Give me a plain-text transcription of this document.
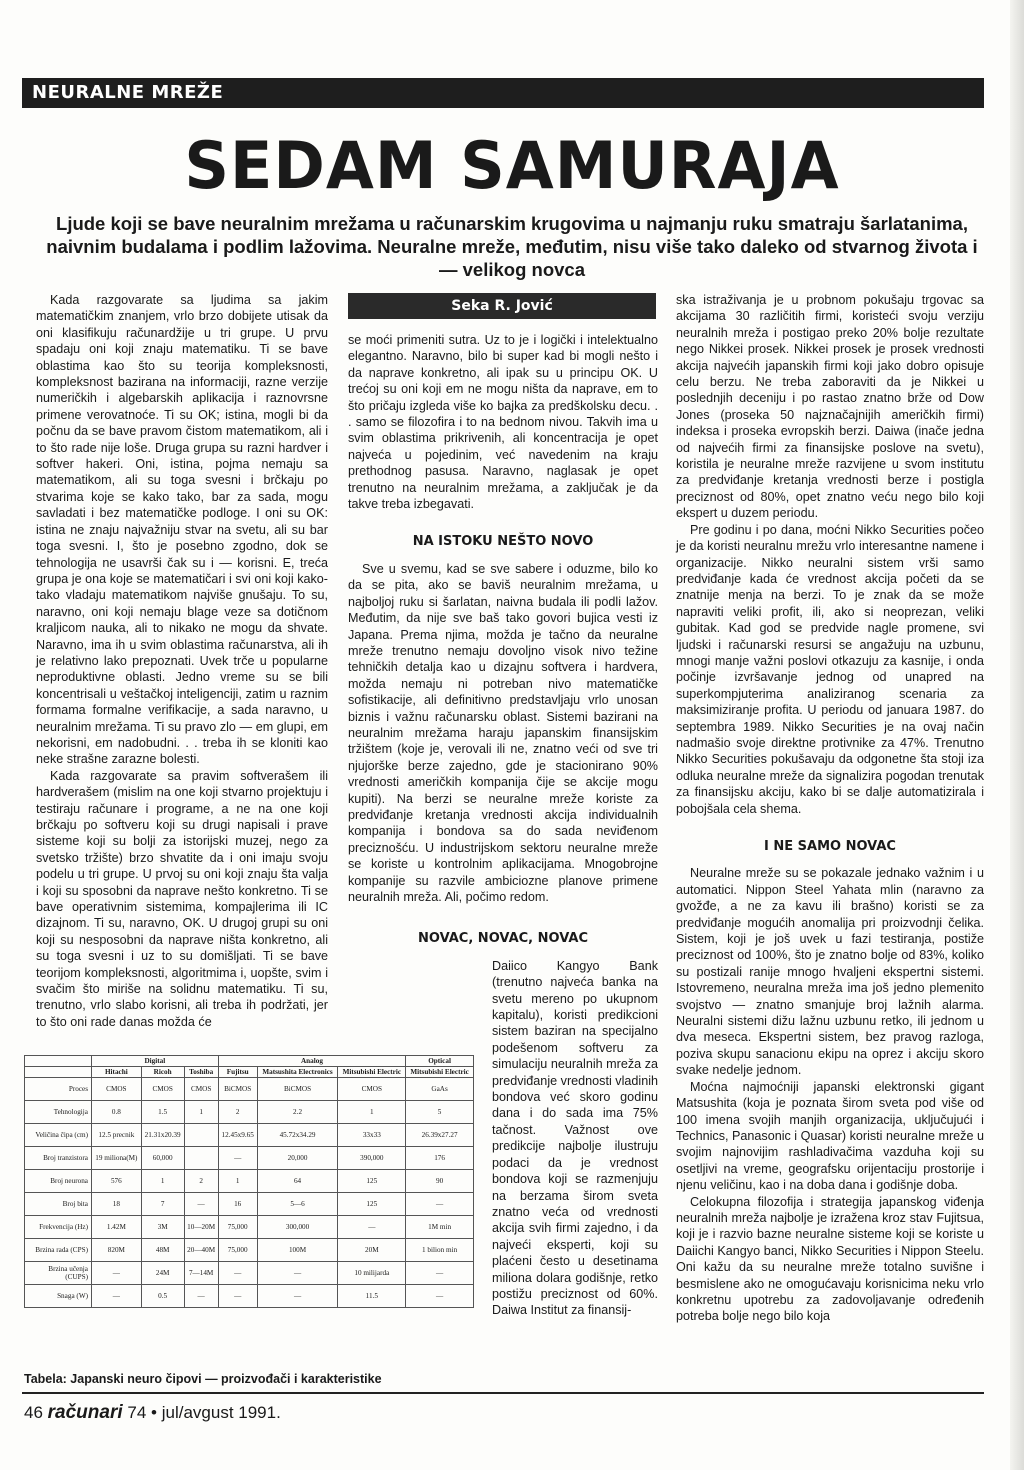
NEURALNE MREŽE
SEDAM SAMURAJA
Ljude koji se bave neuralnim mrežama u računarskim krugovima u najmanju ruku smatraju šarlatanima, naivnim budalama i podlim lažovima. Neuralne mreže, međutim, nisu više tako daleko od stvarnog života i — velikog novca

Kada razgovarate sa ljudima sa jakim matematičkim znanjem, vrlo brzo dobijete utisak da oni klasifikuju računardžije u tri grupe. U prvu spadaju oni koji znaju matematiku. Ti se bave oblastima kao što su teorija kompleksnosti, kompleksnost bazirana na informaciji, razne verzije numeričkih i algebarskih aplikacija i raznovrsne primene verovatnoće. Ti su OK; istina, mogli bi da počnu da se bave pravom čistom matematikom, ali i to što rade nije loše. Druga grupa su razni hardver i softver hakeri. Oni, istina, pojma nemaju sa matematikom, ali su toga svesni i brčkaju po stvarima koje se kako tako, bar za sada, mogu savladati i bez matematičke podloge. I oni su OK: istina ne znaju najvažniju stvar na svetu, ali su bar toga svesni. I, što je posebno zgodno, dok se tehnologija ne usavrši čak su i — korisni. E, treća grupa je ona koje se matematičari i svi oni koji kako-tako vladaju matematikom najviše gnušaju. To su, naravno, oni koji nemaju blage veze sa dotičnom kraljicom nauka, ali to nikako ne mogu da shvate. Naravno, ima ih u svim oblastima računarstva, ali ih je relativno lako prepoznati. Uvek trče u popularne neproduktivne oblasti. Jedno vreme su se bili koncentrisali u veštačkoj inteligenciji, zatim u raznim formama formalne verifikacije, a sada naravno, u neuralnim mrežama. Ti su pravo zlo — em glupi, em nekorisni, em nadobudni. . . treba ih se kloniti kao neke strašne zarazne bolesti.

Kada razgovarate sa pravim softverašem ili hardverašem (mislim na one koji stvarno projektuju i testiraju računare i programe, a ne na one koji brčkaju po softveru koji su drugi napisali i prave sisteme koji su bolji za istorijski muzej, nego za svetsko tržište) brzo shvatite da i oni imaju svoju podelu u tri grupe. U prvoj su oni koji znaju šta valja i koji su sposobni da naprave nešto konkretno. Ti se bave operativnim sistemima, kompajlerima ili IC dizajnom. Ti su, naravno, OK. U drugoj grupi su oni koji su nesposobni da naprave ništa konkretno, ali su toga svesni i uz to su domišljati. Ti se bave teorijom kompleksnosti, algoritmima i, uopšte, svim i svačim što miriše na solidnu matematiku. Ti su, trenutno, vrlo slabo korisni, ali treba ih podržati, jer to što oni rade danas možda će

Seka R. Jović

se moći primeniti sutra. Uz to je i logički i intelektualno elegantno. Naravno, bilo bi super kad bi mogli nešto i da naprave konkretno, ali ipak su u principu OK. U trećoj su oni koji em ne mogu ništa da naprave, em to što pričaju izgleda više ko bajka za predškolsku decu. . . samo se filozofira i to na bednom nivou. Takvih ima u svim oblastima prikrivenih, ali koncentracija je opet najveća u pojedinim, već navedenim na kraju prethodnog pasusa. Naravno, naglasak je opet trenutno na neuralnim mrežama, a zaključak je da takve treba izbegavati.

NA ISTOKU NEŠTO NOVO

Sve u svemu, kad se sve sabere i oduzme, bilo ko da se pita, ako se baviš neuralnim mrežama, u najboljoj ruku si šarlatan, naivna budala ili podli lažov. Međutim, da nije sve baš tako govori bujica vesti iz Japana. Prema njima, možda je tačno da neuralne mreže trenutno nemaju dovoljno visok nivo težine tehničkih detalja kao u dizajnu softvera i hardvera, možda nemaju ni potreban nivo matematičke sofistikacije, ali definitivno predstavljaju vrlo unosan biznis i važnu računarsku oblast. Sistemi bazirani na neuralnim mrežama haraju japanskim finansijskim tržištem (koje je, verovali ili ne, znatno veći od sve tri njujorške berze zajedno, gde je stacionirano 90% vrednosti američkih kompanija čije se akcije mogu kupiti). Na berzi se neuralne mreže koriste za predviđanje kretanja vrednosti akcija individualnih kompanija i bondova sa do sada neviđenom preciznošću. U industrijskom sektoru neuralne mreže se koriste u kontrolnim aplikacijama. Mnogobrojne kompanije su razvile ambiciozne planove primene neuralnih mreža. Ali, počimo redom.

NOVAC, NOVAC, NOVAC

Daiico Kangyo Bank (trenutno najveća banka na svetu mereno po ukupnom kapitalu), koristi predikcioni sistem baziran na specijalno podešenom softveru za simulaciju neuralnih mreža za predviđanje vrednosti vladinih bondova već skoro godinu dana i do sada ima 75% tačnost. Važnost ove predikcije najbolje ilustruju podaci da je vrednost bondova koji se razmenjuju na berzama širom sveta znatno veća od vrednosti akcija svih firmi zajedno, i da najveći eksperti, koji su plaćeni često u desetinama miliona dolara godišnje, retko postižu preciznost od 60%. Daiwa Institut za finansij-

ska istraživanja je u probnom pokušaju trgovac sa akcijama 30 različitih firmi, koristeći svoju verziju neuralnih mreža i postigao preko 20% bolje rezultate nego Nikkei prosek. Nikkei prosek je prosek vrednosti akcija najvećih japanskih firmi koji jako dobro opisuje celu berzu. Ne treba zaboraviti da je Nikkei u poslednjih deceniju i po rastao znatno brže od Dow Jones (proseka 50 najznačajnijih američkih firmi) indeksa i proseka evropskih berzi. Daiwa (inače jedna od najvećih firmi za finansijske poslove na svetu), koristila je neuralne mreže razvijene u svom institutu za predviđanje kretanja vrednosti berze i postigla preciznost od 80%, opet znatno veću nego bilo koji ekspert u duzem periodu.

Pre godinu i po dana, moćni Nikko Securities počeo je da koristi neuralnu mrežu vrlo interesantne namene i organizacije. Nikko neuralni sistem vrši samo predviđanje kada će vrednost akcija početi da se znatnije menja na berzi. To je znak da se može napraviti veliki profit, ili, ako si neoprezan, veliki gubitak. Kad god se predvide nagle promene, svi ljudski i računarski resursi se angažuju na uzbunu, mnogi manje važni poslovi otkazuju za kasnije, i onda počinje izvršavanje jednog od unapred na superkompjuterima analiziranog scenaria za maksimiziranje profita. U periodu od januara 1987. do septembra 1989. Nikko Securities je na ovaj način nadmašio svoje direktne protivnike za 47%. Trenutno Nikko Securities pokušavaju da odgonetne šta stoji iza odluka neuralne mreže da signalizira pogodan trenutak za finansijsku akciju, kako bi se dalje automatizirala i pobojšala cela shema.

I NE SAMO NOVAC

Neuralne mreže su se pokazale jednako važnim i u automatici. Nippon Steel Yahata mlin (naravno za gvožđe, a ne za kavu ili brašno) koristi se za predviđanje mogućih anomalija pri proizvodnji čelika. Sistem, koji je još uvek u fazi testiranja, postiže preciznost od 100%, što je znatno bolje od 83%, koliko su postizali ranije mnogo hvaljeni ekspertni sistemi. Istovremeno, neuralna mreža ima još jedno plemenito svojstvo — znatno smanjuje broj lažnih alarma. Neuralni sistemi dižu lažnu uzbunu retko, ili jednom u dva meseca. Ekspertni sistem, bez pravog razloga, poziva skupu sanacionu ekipu na oprez i akciju skoro svake nedelje jednom.

Moćna najmoćniji japanski elektronski gigant Matsushita (koja je poznata širom sveta pod više od 100 imena svojih manjih organizacija, uključujući i Technics, Panasonic i Quasar) koristi neuralne mreže u svojim najnovijim rashladivačima vazduha koji su osetljivi na vreme, geografsku orijentaciju prostorije i njenu veličinu, kao i na doba dana i godišnje doba.

Celokupna filozofija i strategija japanskog viđenja neuralnih mreža najbolje je izražena kroz stav Fujitsua, koji je i razvio bazne neuralne sisteme koji se koriste u Daiichi Kangyo banci, Nikko Securities i Nippon Steelu. Oni kažu da su neuralne mreže totalno suvišne i besmislene ako ne omogućavaju korisnicima neku vrlo konkretnu upotrebu za zadovoljavanje određenih potreba bolje nego bilo koja

	Digital			Analog			Optical
	Hitachi	Ricoh	Toshiba	Fujitsu	Matsushita Electronics	Mitsubishi Electric	Mitsubishi Electric
Proces	CMOS	CMOS	CMOS	BiCMOS	BiCMOS	CMOS	GaAs
Tehnologija	0.8	1.5	1	2	2.2	1	5
Veličina čipa (cm)	12.5 precnik	21.31x20.39		12.45x9.65	45.72x34.29	33x33	26.39x27.27
Broj tranzistora	19 miliona(M)	60,000		—	20,000	390,000	176
Broj neurona	576	1	2	1	64	125	90
Broj bita	18	7	—	16	5—6	125	—
Frekvencija (Hz)	1.42M	3M	10—20M	75,000	300,000	—	1M min
Brzina rada (CPS)	820M	48M	20—40M	75,000	100M	20M	1 bilion min
Brzina učenja (CUPS)	—	24M	7—14M	—	—	10 milijarda	—
Snaga (W)	—	0.5	—	—	—	11.5	—
Tabela: Japanski neuro čipovi — proizvođači i karakteristike
46 računari 74 • jul/avgust 1991.
